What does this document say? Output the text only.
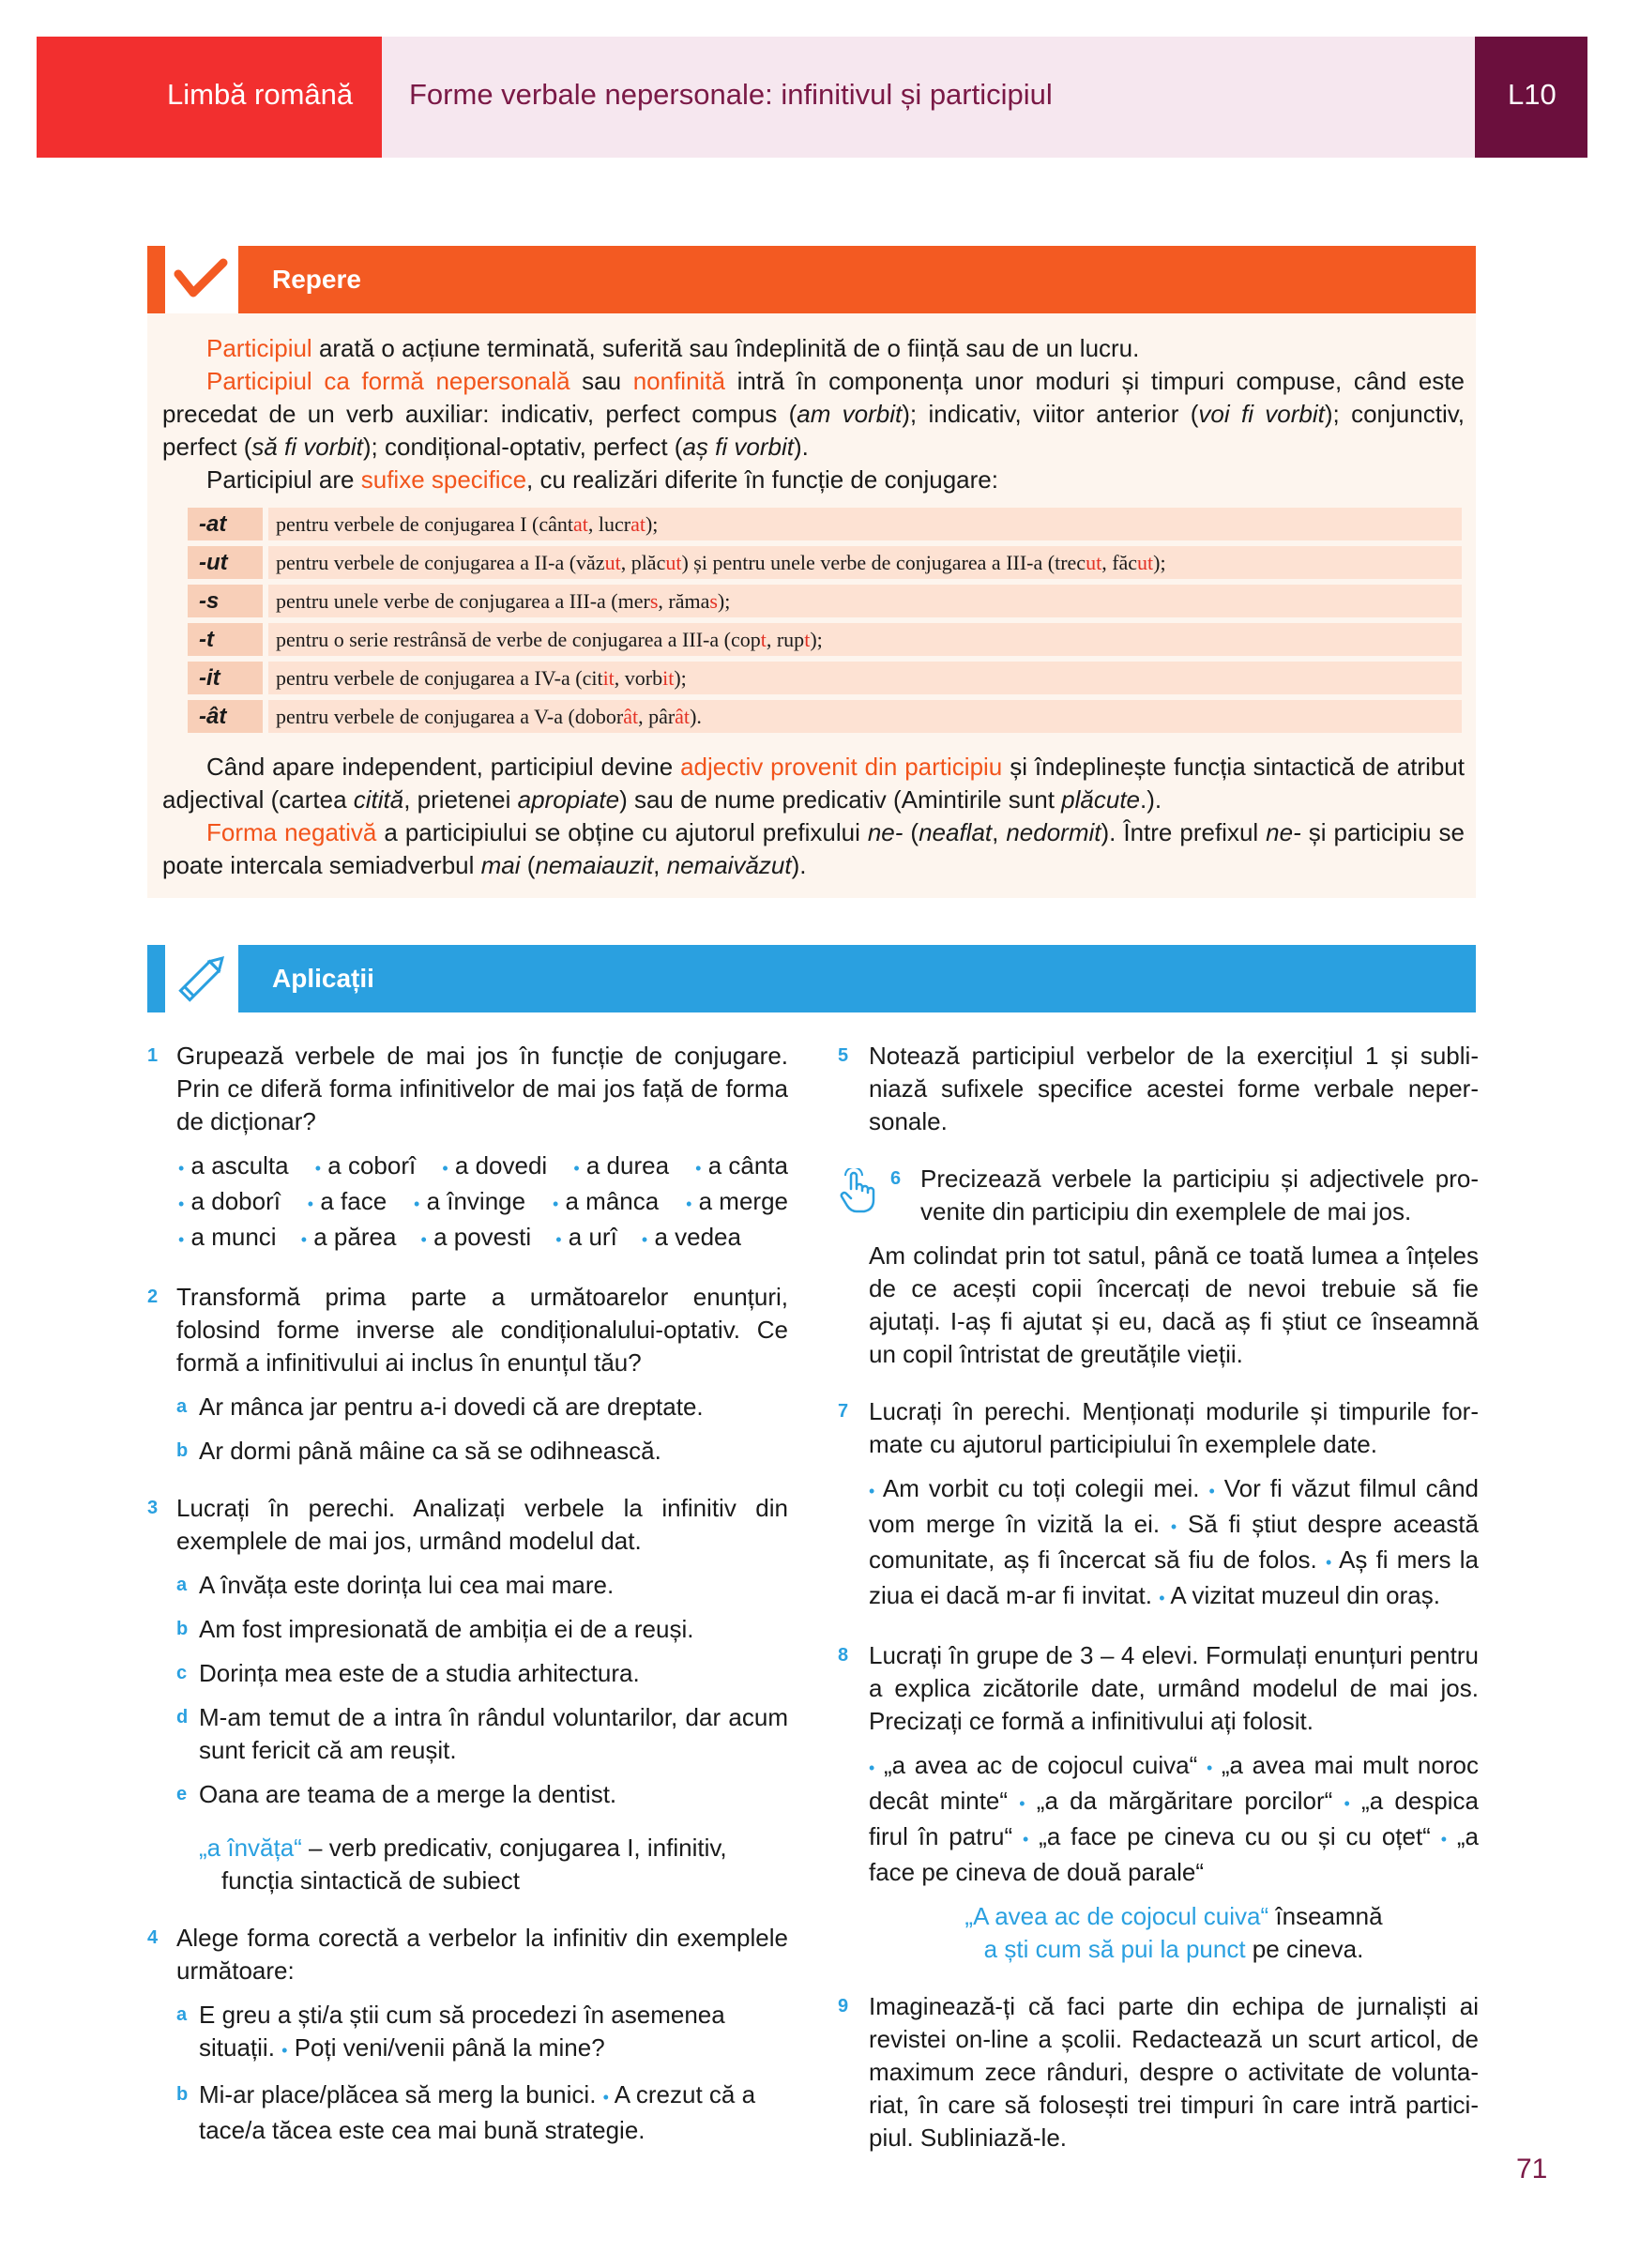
Limbă română Forme verbale nepersonale: infinitivul și participiul	L10
Repere

Participiul arată o acțiune terminată, suferită sau îndeplinită de o ființă sau de un lucru.

Participiul ca formă nepersonală sau nonfinită intră în componența unor moduri și timpuri compuse, când este precedat de un verb auxiliar: indicativ, perfect compus (am vorbit); indicativ, viitor anterior (voi fi vorbit); conjunctiv, perfect (să fi vorbit); condițional-optativ, perfect (aș fi vorbit).

Participiul are sufixe specifice, cu realizări diferite în funcție de conjugare:

-at	pentru verbele de conjugarea I (cântat, lucrat);
-ut	pentru verbele de conjugarea a II-a (văzut, plăcut) și pentru unele verbe de conjugarea a III-a (trecut, făcut);
-s	pentru unele verbe de conjugarea a III-a (mers, rămas);
-t	pentru o serie restrânsă de verbe de conjugarea a III-a (copt, rupt);
-it	pentru verbele de conjugarea a IV-a (citit, vorbit);
-ât	pentru verbele de conjugarea a V-a (doborât, pârât).

Când apare independent, participiul devine adjectiv provenit din participiu și îndeplinește funcția sintactică de atribut adjectival (cartea citită, prietenei apropiate) sau de nume predicativ (Amintirile sunt plăcute.).

Forma negativă a participiului se obține cu ajutorul prefixului ne- (neaflat, nedormit). Între prefixul ne- și participiu se poate intercala semiadverbul mai (nemaiauzit, nemaivăzut).

Aplicații
1 Grupează verbele de mai jos în funcție de conjugare. Prin ce diferă forma infinitivelor de mai jos față de forma de dicționar?

• a asculta • a coborî • a dovedi • a durea • a cânta
• a doborî • a face • a învinge • a mânca • a merge
• a munci • a părea • a povesti • a urî • a vedea
2 Transformă prima parte a următoarelor enunțuri, folosind forme inverse ale condiționalului-optativ. Ce formă a infinitivului ai inclus în enunțul tău?

a Ar mânca jar pentru a-i dovedi că are dreptate.

b Ar dormi până mâine ca să se odihnească.

3 Lucrați în perechi. Analizați verbele la infinitiv din exemplele de mai jos, urmând modelul dat.

a A învăța este dorința lui cea mai mare.

b Am fost impresionată de ambiția ei de a reuși.

c Dorința mea este de a studia arhitectura.

d M-am temut de a intra în rândul voluntarilor, dar acum sunt fericit că am reușit.

e Oana are teama de a merge la dentist.

„a învăța“ – verb predicativ, conjugarea I, infinitiv, funcția sintactică de subiect

4 Alege forma corectă a verbelor la infinitiv din exemplele următoare:

a E greu a ști/a știi cum să procedezi în asemenea situații. • Poți veni/venii până la mine?

b Mi-ar place/plăcea să merg la bunici. • A crezut că a tace/a tăcea este cea mai bună strategie.

5 Notează participiul verbelor de la exercițiul 1 și subliniază sufixele specifice acestei forme verbale nepersonale.

6 Precizează verbele la participiu și adjectivele provenite din participiu din exemplele de mai jos.

Am colindat prin tot satul, până ce toată lumea a înțeles de ce acești copii încercați de nevoi trebuie să fie ajutați. I-aș fi ajutat și eu, dacă aș fi știut ce înseamnă un copil întristat de greutățile vieții.

7 Lucrați în perechi. Menționați modurile și timpurile formate cu ajutorul participiului în exemplele date.

• Am vorbit cu toți colegii mei. • Vor fi văzut filmul când vom merge în vizită la ei. • Să fi știut despre această comunitate, aș fi încercat să fiu de folos. • Aș fi mers la ziua ei dacă m-ar fi invitat. • A vizitat muzeul din oraș.

8 Lucrați în grupe de 3 – 4 elevi. Formulați enunțuri pentru a explica zicătorile date, urmând modelul de mai jos. Precizați ce formă a infinitivului ați folosit.

• „a avea ac de cojocul cuiva“ • „a avea mai mult noroc decât minte“ • „a da mărgăritare porcilor“ • „a despica firul în patru“ • „a face pe cineva cu ou și cu oțet“ • „a face pe cineva de două parale“

„A avea ac de cojocul cuiva“ înseamnă
a ști cum să pui la punct pe cineva.

9 Imaginează-ți că faci parte din echipa de jurnaliști ai revistei on-line a școlii. Redactează un scurt articol, de maximum zece rânduri, despre o activitate de voluntariat, în care să folosești trei timpuri în care intră participiul. Subliniază-le.

71
